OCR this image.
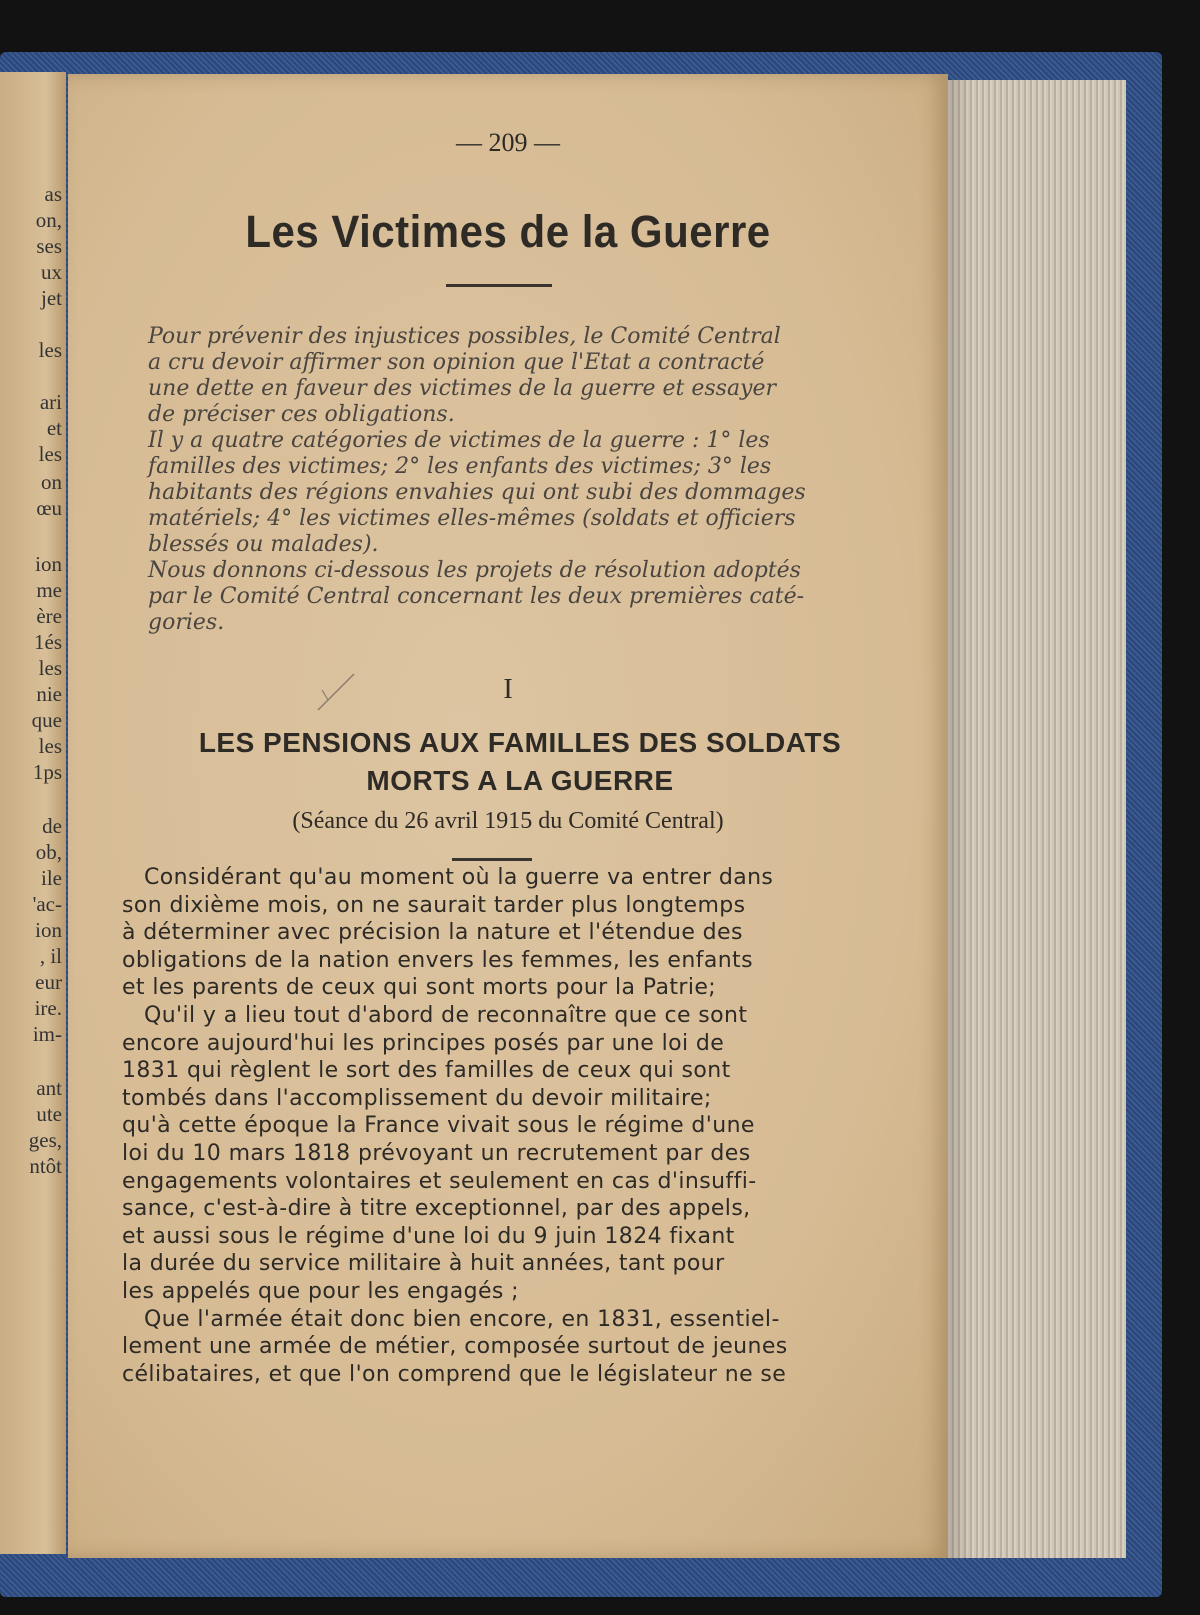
as
on,
ses
ux
jet
les
ari
et
les
on
œu
ion
me
ère
1és
les
nie
que
les
1ps
de
ob,
ile
'ac-
ion
, il
eur
ire.
im-
ant
ute
ges,
ntôt
— 209 —
Les Victimes de la Guerre
Pour prévenir des injustices possibles, le Comité Central
a cru devoir affirmer son opinion que l'Etat a contracté
une dette en faveur des victimes de la guerre et essayer
de préciser ces obligations.
Il y a quatre catégories de victimes de la guerre : 1° les
familles des victimes; 2° les enfants des victimes; 3° les
habitants des régions envahies qui ont subi des dommages
matériels; 4° les victimes elles-mêmes (soldats et officiers
blessés ou malades).
Nous donnons ci-dessous les projets de résolution adoptés
par le Comité Central concernant les deux premières caté-
gories.
I
LES PENSIONS AUX FAMILLES DES SOLDATS
MORTS A LA GUERRE
(Séance du 26 avril 1915 du Comité Central)
Considérant qu'au moment où la guerre va entrer dans
son dixième mois, on ne saurait tarder plus longtemps
à déterminer avec précision la nature et l'étendue des
obligations de la nation envers les femmes, les enfants
et les parents de ceux qui sont morts pour la Patrie;
Qu'il y a lieu tout d'abord de reconnaître que ce sont
encore aujourd'hui les principes posés par une loi de
1831 qui règlent le sort des familles de ceux qui sont
tombés dans l'accomplissement du devoir militaire;
qu'à cette époque la France vivait sous le régime d'une
loi du 10 mars 1818 prévoyant un recrutement par des
engagements volontaires et seulement en cas d'insuffi-
sance, c'est-à-dire à titre exceptionnel, par des appels,
et aussi sous le régime d'une loi du 9 juin 1824 fixant
la durée du service militaire à huit années, tant pour
les appelés que pour les engagés ;
Que l'armée était donc bien encore, en 1831, essentiel-
lement une armée de métier, composée surtout de jeunes
célibataires, et que l'on comprend que le législateur ne se
